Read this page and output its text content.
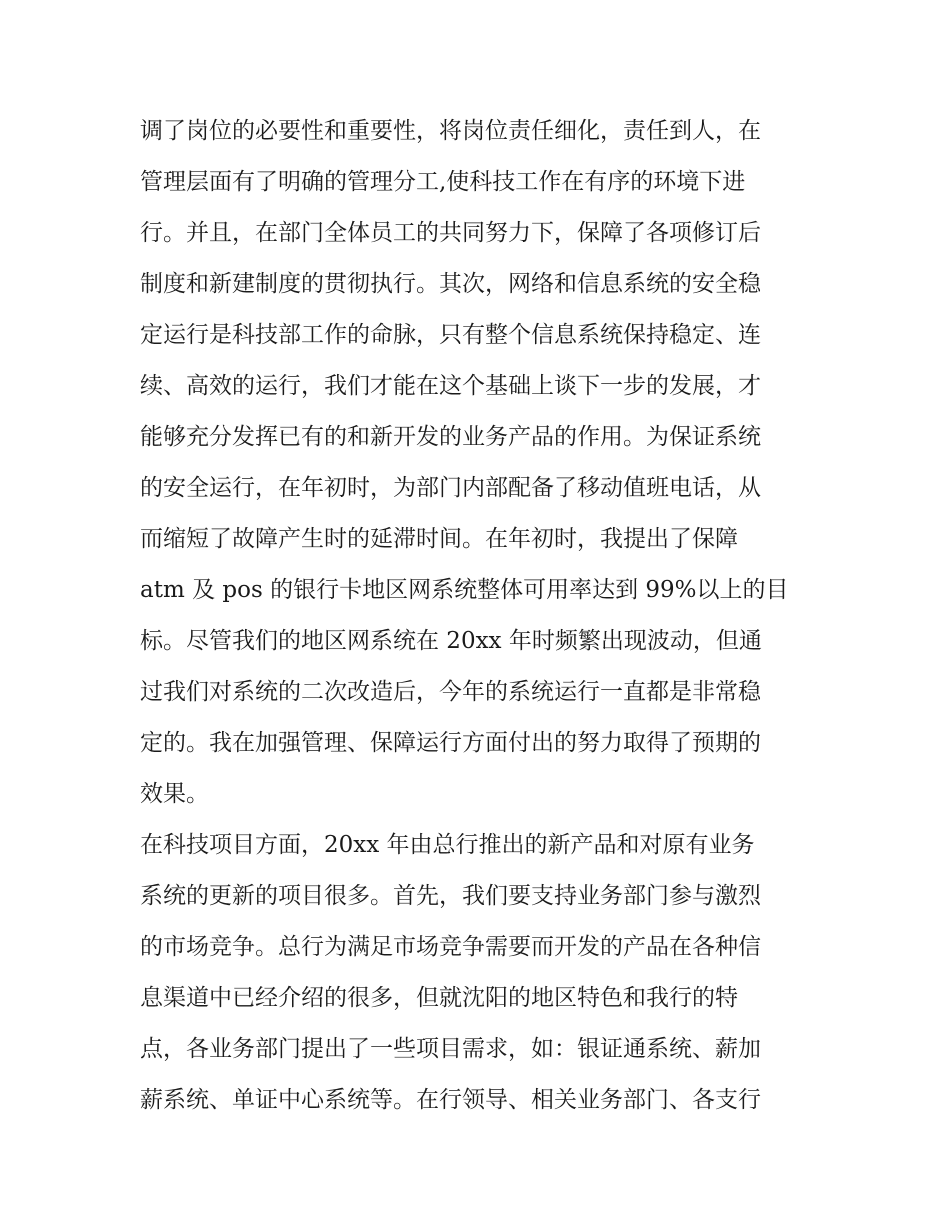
调了岗位的必要性和重要性，将岗位责任细化，责任到人，在
管理层面有了明确的管理分工,使科技工作在有序的环境下进
行。并且，在部门全体员工的共同努力下，保障了各项修订后
制度和新建制度的贯彻执行。其次，网络和信息系统的安全稳
定运行是科技部工作的命脉，只有整个信息系统保持稳定、连
续、高效的运行，我们才能在这个基础上谈下一步的发展，才
能够充分发挥已有的和新开发的业务产品的作用。为保证系统
的安全运行，在年初时，为部门内部配备了移动值班电话，从
而缩短了故障产生时的延滞时间。在年初时，我提出了保障
atm 及 pos 的银行卡地区网系统整体可用率达到 99%以上的目
标。尽管我们的地区网系统在 20xx 年时频繁出现波动，但通
过我们对系统的二次改造后，今年的系统运行一直都是非常稳
定的。我在加强管理、保障运行方面付出的努力取得了预期的
效果。
在科技项目方面，20xx 年由总行推出的新产品和对原有业务
系统的更新的项目很多。首先，我们要支持业务部门参与激烈
的市场竞争。总行为满足市场竞争需要而开发的产品在各种信
息渠道中已经介绍的很多，但就沈阳的地区特色和我行的特
点，各业务部门提出了一些项目需求，如：银证通系统、薪加
薪系统、单证中心系统等。在行领导、相关业务部门、各支行
